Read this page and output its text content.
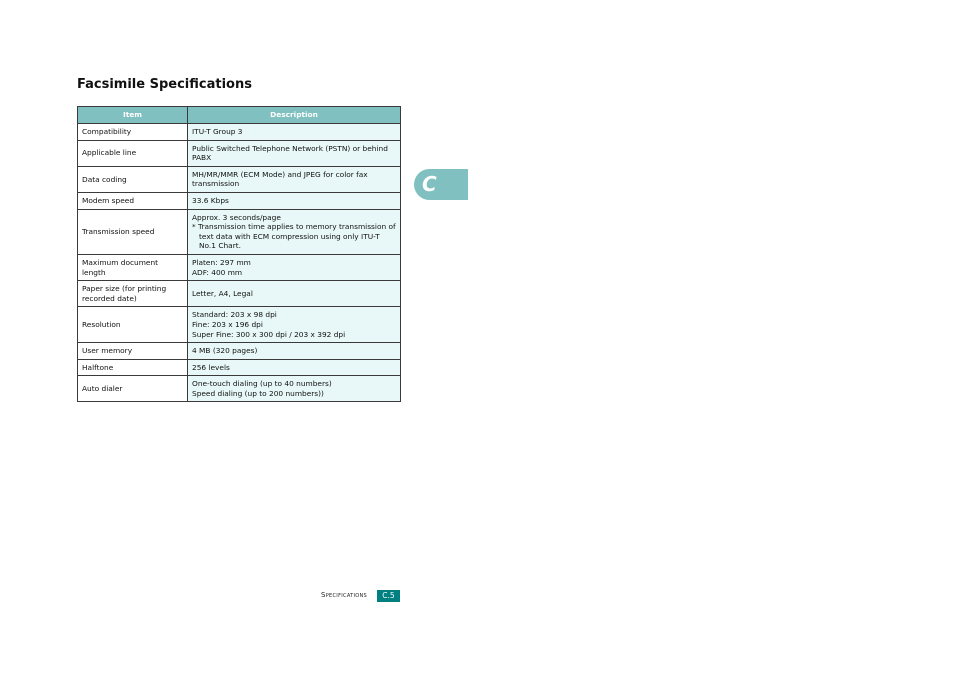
Facsimile Specifications
Item	Description
Compatibility	ITU-T Group 3

Applicable line	Public Switched Telephone Network (PSTN) or behind
PABX

Data coding	MH/MR/MMR (ECM Mode) and JPEG for color fax
transmission

Modem speed	33.6 Kbps

Transmission speed	Approx. 3 seconds/page
* Transmission time applies to memory transmission of text data with ECM compression using only ITU-T No.1 Chart.

Maximum document length	Platen: 297 mm
ADF: 400 mm

Paper size (for printing recorded date)	Letter, A4, Legal

Resolution	Standard: 203 x 98 dpi
Fine: 203 x 196 dpi
Super Fine: 300 x 300 dpi / 203 x 392 dpi

User memory	4 MB (320 pages)

Halftone	256 levels

Auto dialer	One-touch dialing (up to 40 numbers)
Speed dialing (up to 200 numbers))
C
Specifications	C.5
